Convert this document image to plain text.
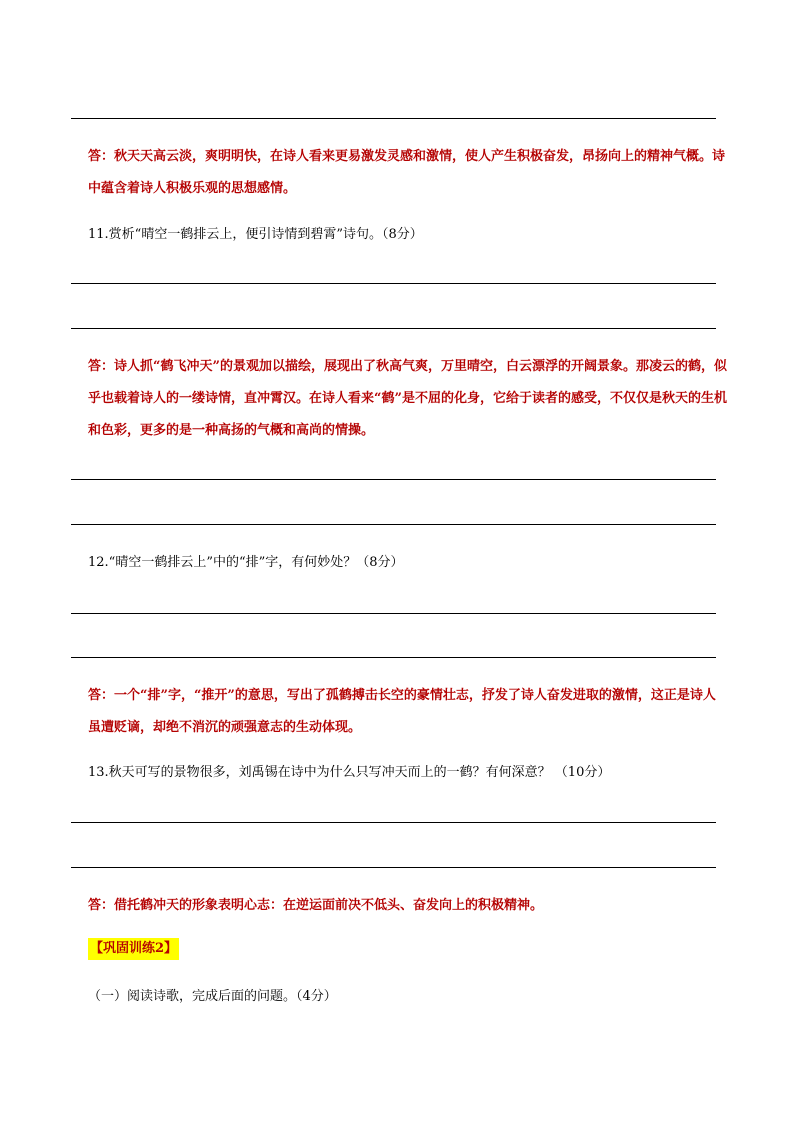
答：秋天天高云淡，爽明明快，在诗人看来更易激发灵感和激情，使人产生积极奋发，昂扬向上的精神气概。诗中蕴含着诗人积极乐观的思想感情。
11.赏析“晴空一鹤排云上，便引诗情到碧霄”诗句。（8分）
答：诗人抓“鹤飞冲天”的景观加以描绘，展现出了秋高气爽，万里晴空，白云漂浮的开阔景象。那凌云的鹤，似乎也载着诗人的一缕诗情，直冲霄汉。在诗人看来“鹤”是不屈的化身，它给于读者的感受，不仅仅是秋天的生机和色彩，更多的是一种高扬的气概和高尚的情操。
12.“晴空一鹤排云上”中的“排”字，有何妙处？（8分）
答：一个“排”字，“推开”的意思，写出了孤鹤搏击长空的豪情壮志，抒发了诗人奋发进取的激情，这正是诗人虽遭贬谪，却绝不消沉的顽强意志的生动体现。
13.秋天可写的景物很多，刘禹锡在诗中为什么只写冲天而上的一鹤？有何深意？ （10分）
答：借托鹤冲天的形象表明心志：在逆运面前决不低头、奋发向上的积极精神。
【巩固训练2】
（一）阅读诗歌，完成后面的问题。（4分）
